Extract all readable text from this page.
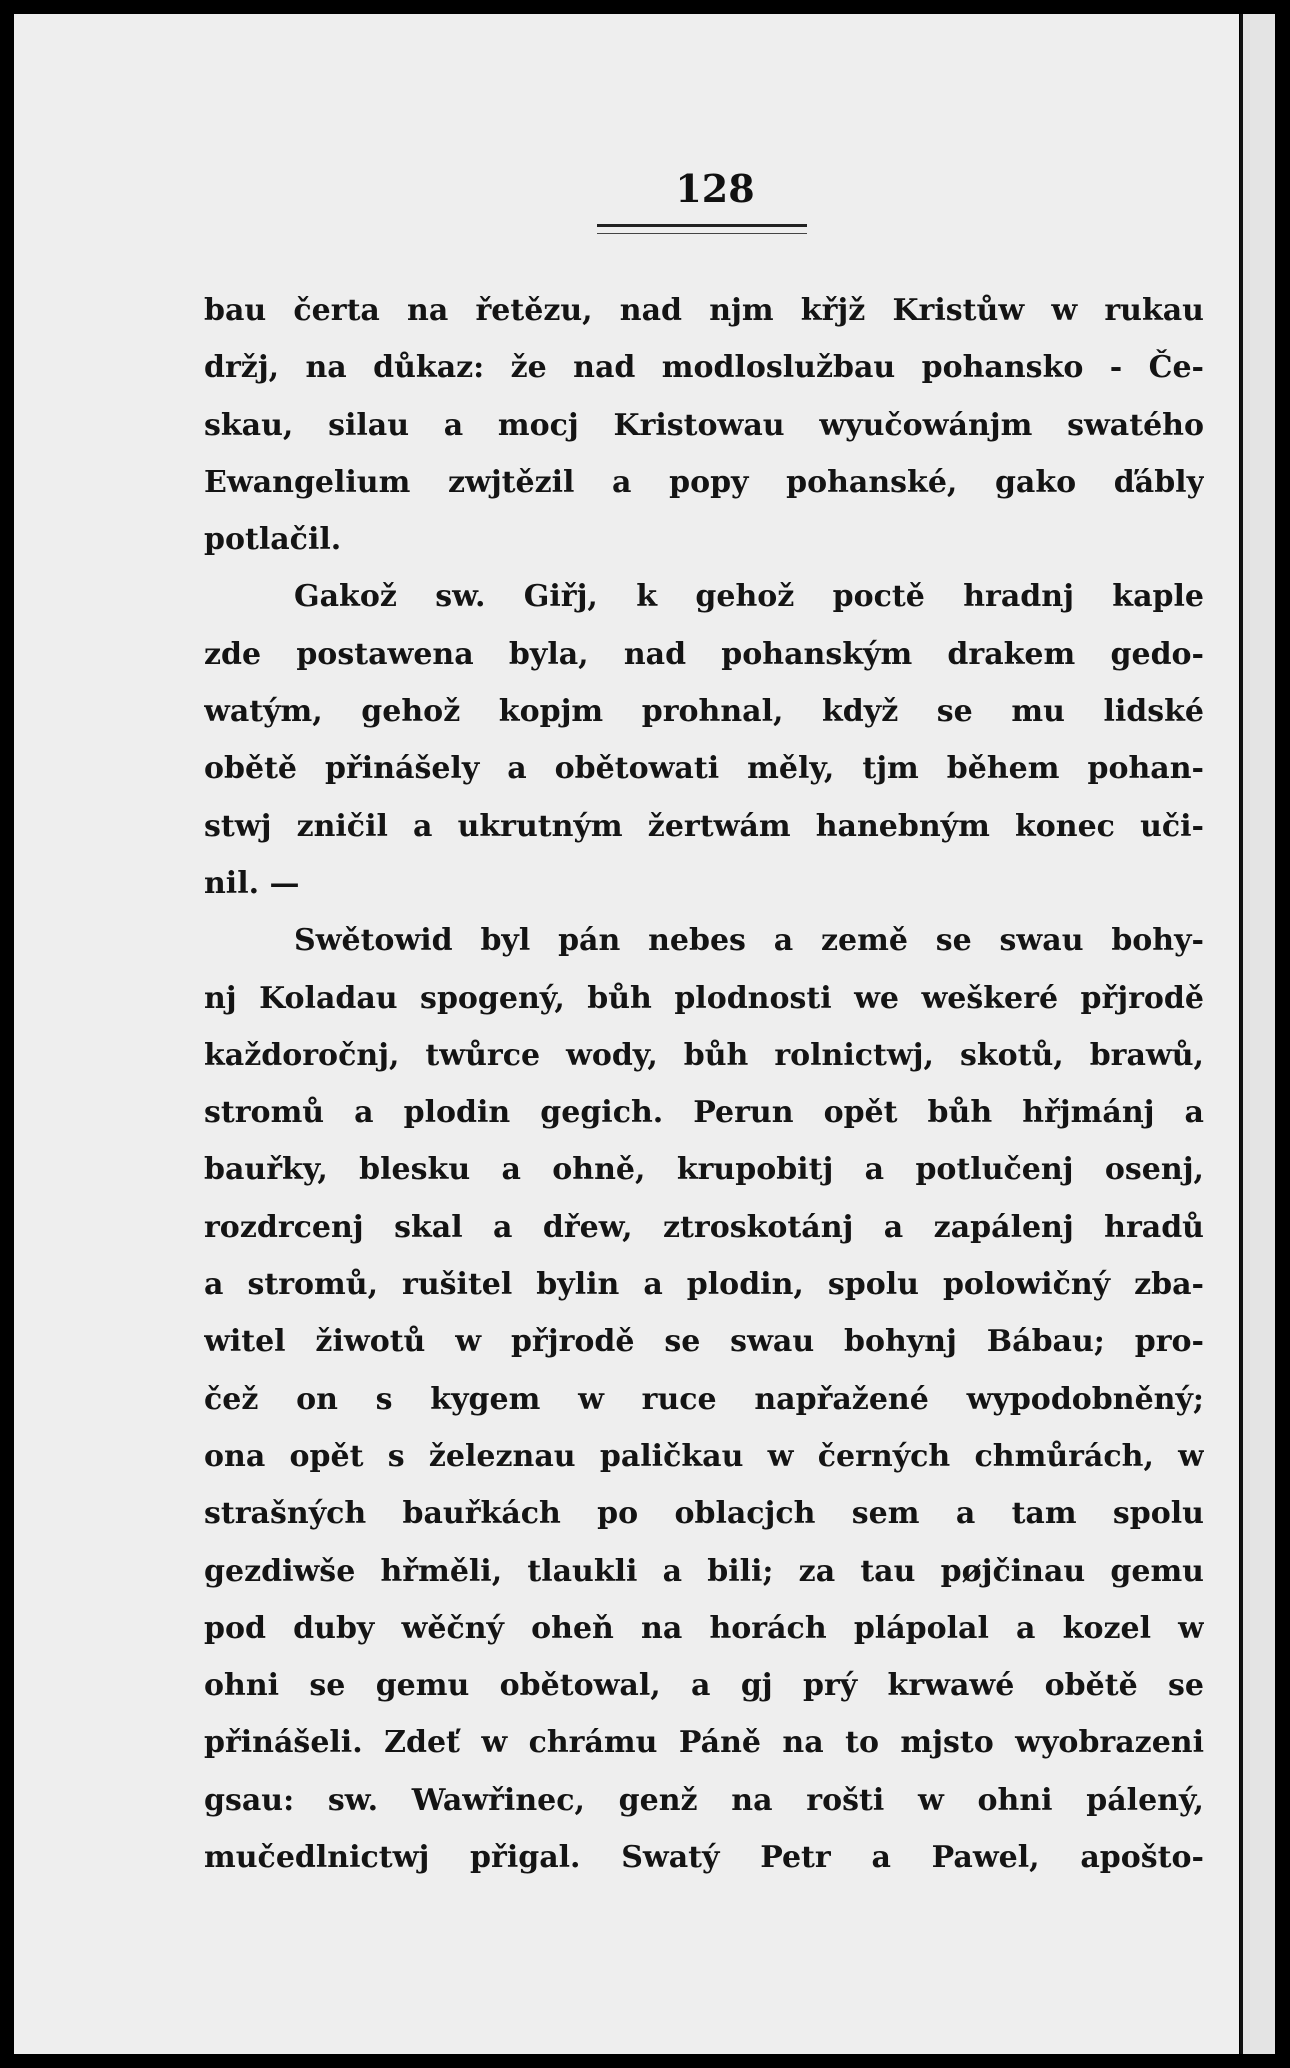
128
bau čerta na řetězu, nad njm křjž Kristůw w rukau
držj, na důkaz: že nad modloslužbau pohansko - Če-
skau, silau a mocj Kristowau wyučowánjm swatého
Ewangelium zwjtězil a popy pohanské, gako ďábly
potlačil.
Gakož sw. Giřj, k gehož poctě hradnj kaple
zde postawena byla, nad pohanským drakem gedo-
watým, gehož kopjm prohnal, když se mu lidské
obětě přinášely a obětowati měly, tjm během pohan-
stwj zničil a ukrutným žertwám hanebným konec uči-
nil. —
Swětowid byl pán nebes a země se swau bohy-
nj Koladau spogený, bůh plodnosti we weškeré přjrodě
každoročnj, twůrce wody, bůh rolnictwj, skotů, brawů,
stromů a plodin gegich. Perun opět bůh hřjmánj a
bauřky, blesku a ohně, krupobitj a potlučenj osenj,
rozdrcenj skal a dřew, ztroskotánj a zapálenj hradů
a stromů, rušitel bylin a plodin, spolu polowičný zba-
witel žiwotů w přjrodě se swau bohynj Bábau; pro-
čež on s kygem w ruce napřažené wypodobněný;
ona opět s železnau paličkau w černých chmůrách, w
strašných bauřkách po oblacjch sem a tam spolu
gezdiwše hřměli, tlaukli a bili; za tau pøjčinau gemu
pod duby wěčný oheň na horách plápolal a kozel w
ohni se gemu obětowal, a gj prý krwawé obětě se
přinášeli. Zdeť w chrámu Páně na to mjsto wyobrazeni
gsau: sw. Wawřinec, genž na rošti w ohni pálený,
mučedlnictwj přigal. Swatý Petr a Pawel, apošto-
